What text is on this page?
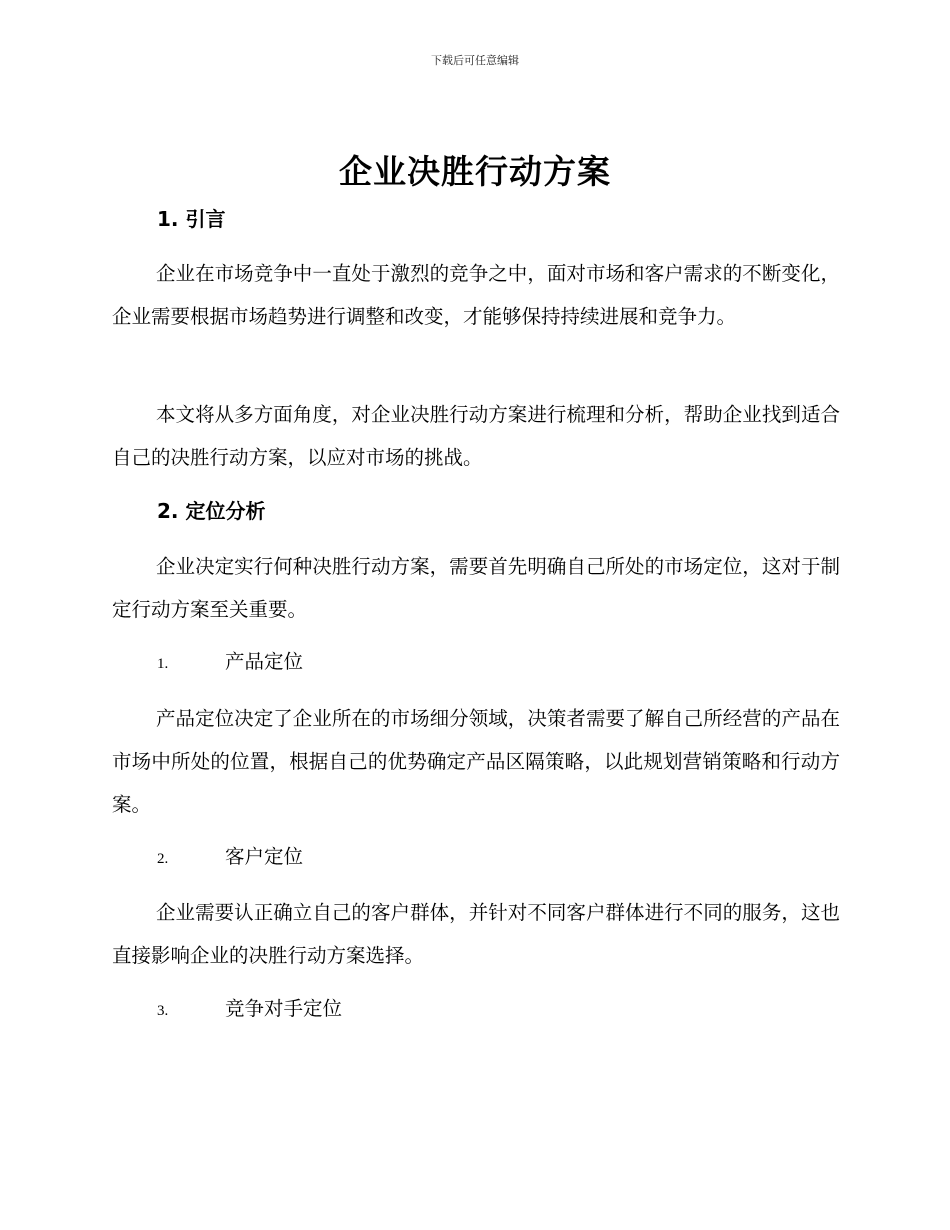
下载后可任意编辑
企业决胜行动方案
1. 引言

企业在市场竞争中一直处于激烈的竞争之中，面对市场和客户需求的不断变化，企业需要根据市场趋势进行调整和改变，才能够保持持续进展和竞争力。

本文将从多方面角度，对企业决胜行动方案进行梳理和分析，帮助企业找到适合自己的决胜行动方案，以应对市场的挑战。

2. 定位分析

企业决定实行何种决胜行动方案，需要首先明确自己所处的市场定位，这对于制定行动方案至关重要。

1.	产品定位

产品定位决定了企业所在的市场细分领域，决策者需要了解自己所经营的产品在市场中所处的位置，根据自己的优势确定产品区隔策略，以此规划营销策略和行动方案。

2.	客户定位

企业需要认正确立自己的客户群体，并针对不同客户群体进行不同的服务，这也直接影响企业的决胜行动方案选择。

3.	竞争对手定位
